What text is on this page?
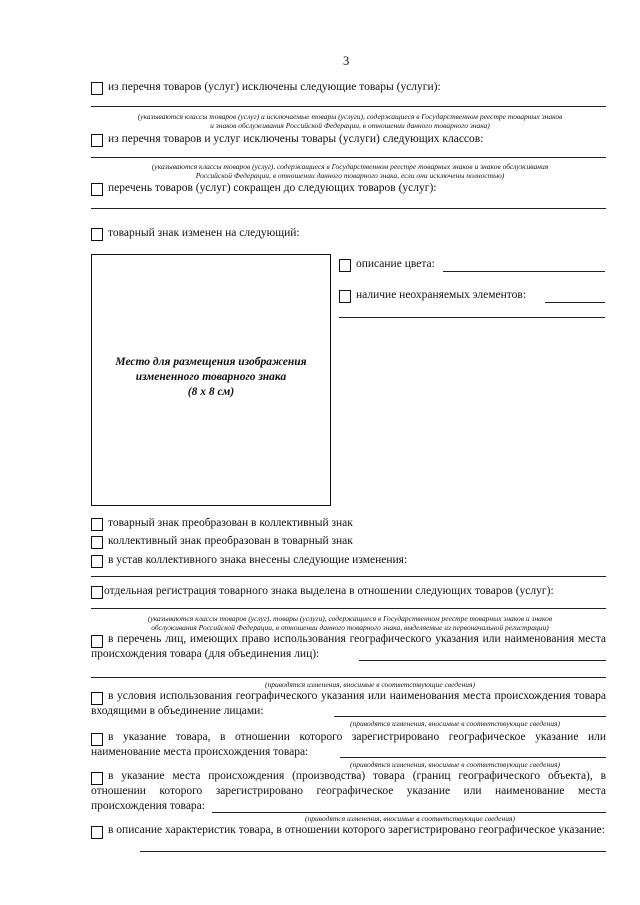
3
из перечня товаров (услуг) исключены следующие товары (услуги):
(указываются классы товаров (услуг) и исключаемые товары (услуги), содержащиеся в Государственном реестре товарных знаков
и знаков обслуживания Российской Федерации, в отношении данного товарного знака)
из перечня товаров и услуг исключены товары (услуги) следующих классов:
(указываются классы товаров (услуг), содержащиеся в Государственном реестре товарных знаков и знаков обслуживания
Российской Федерации, в отношении данного товарного знака, если они исключены полностью)
перечень товаров (услуг) сокращен до следующих товаров (услуг):
товарный знак изменен на следующий:
Место для размещения изображения
измененного товарного знака
(8 х 8 см)
описание цвета:
наличие неохраняемых элементов:
товарный знак преобразован в коллективный знак
коллективный знак преобразован в товарный знак
в устав коллективного знака внесены следующие изменения:
отдельная регистрация товарного знака выделена в отношении следующих товаров (услуг):
(указываются классы товаров (услуг), товары (услуги), содержащиеся в Государственном реестре товарных знаков и знаков
обслуживания Российской Федерации, в отношении данного товарного знака, выделяемые из первоначальной регистрации)
в перечень лиц, имеющих право использования географического указания или наименования места происхождения товара (для объединения лиц):
(приводятся изменения, вносимые в соответствующие сведения)
в условия использования географического указания или наименования места происхождения товара входящими в объединение лицами:
(приводятся изменения, вносимые в соответствующие сведения)
в указание товара, в отношении которого зарегистрировано географическое указание или наименование места происхождения товара:
(приводятся изменения, вносимые в соответствующие сведения)
в указание места происхождения (производства) товара (границ географического объекта), в отношении которого зарегистрировано географическое указание или наименование места происхождения товара:
(приводятся изменения, вносимые в соответствующие сведения)
в описание характеристик товара, в отношении которого зарегистрировано географическое указание:
